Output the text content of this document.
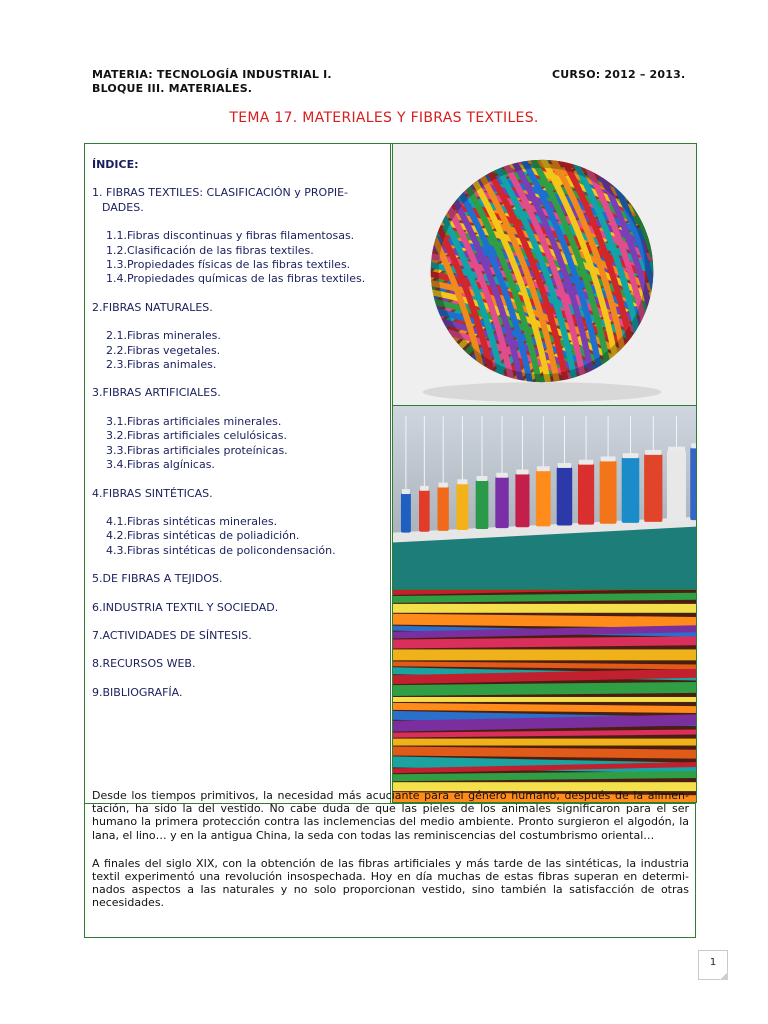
MATERIA: TECNOLOGÍA INDUSTRIAL I.
BLOQUE III. MATERIALES.
CURSO: 2012 – 2013.
TEMA 17. MATERIALES Y FIBRAS TEXTILES.
ÍNDICE:
1. FIBRAS TEXTILES: CLASIFICACIÓN y PROPIE-
DADES.
1.1.Fibras discontinuas y fibras filamentosas.
1.2.Clasificación de las fibras textiles.
1.3.Propiedades físicas de las fibras textiles.
1.4.Propiedades químicas de las fibras textiles.
2.FIBRAS NATURALES.
2.1.Fibras minerales.
2.2.Fibras vegetales.
2.3.Fibras animales.
3.FIBRAS ARTIFICIALES.
3.1.Fibras artificiales minerales.
3.2.Fibras artificiales celulósicas.
3.3.Fibras artificiales proteínicas.
3.4.Fibras algínicas.
4.FIBRAS SINTÉTICAS.
4.1.Fibras sintéticas minerales.
4.2.Fibras sintéticas de poliadición.
4.3.Fibras sintéticas de policondensación.
5.DE FIBRAS A TEJIDOS.
6.INDUSTRIA TEXTIL Y SOCIEDAD.
7.ACTIVIDADES DE SÍNTESIS.
8.RECURSOS WEB.
9.BIBLIOGRAFÍA.

Desde los tiempos primitivos, la necesidad más acuciante para el género humano, después de la alimen-tación, ha sido la del vestido. No cabe duda de que las pieles de los animales significaron para el ser humano la primera protección contra las inclemencias del medio ambiente. Pronto surgieron el algodón, la lana, el lino… y en la antigua China, la seda con todas las reminiscencias del costumbrismo oriental…

A finales del siglo XIX, con la obtención de las fibras artificiales y más tarde de las sintéticas, la industria textil experimentó una revolución insospechada. Hoy en día muchas de estas fibras superan en determi-nados aspectos a las naturales y no solo proporcionan vestido, sino también la satisfacción de otras necesidades.

1
